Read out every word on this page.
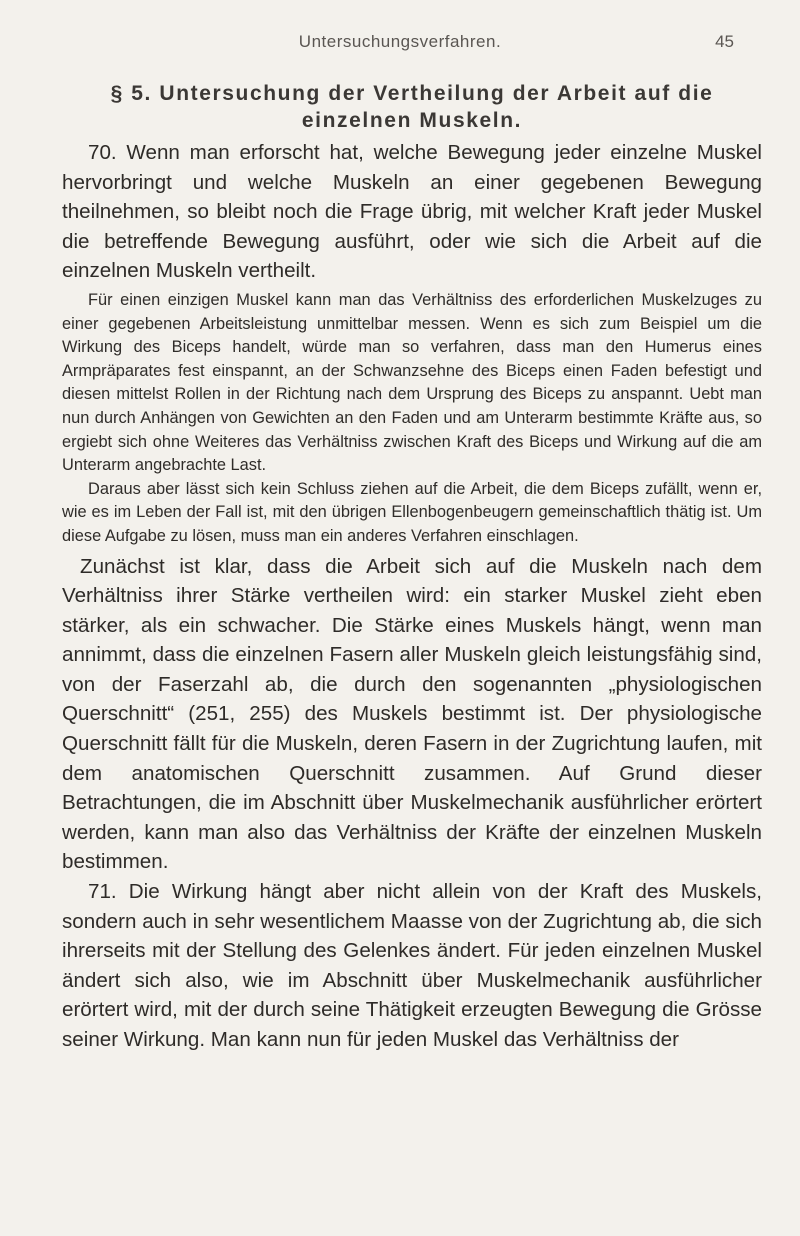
Untersuchungsverfahren.	45
§ 5. Untersuchung der Vertheilung der Arbeit auf die
einzelnen Muskeln.

70. Wenn man erforscht hat, welche Bewegung jeder einzelne Muskel hervorbringt und welche Muskeln an einer gegebenen Bewegung theilnehmen, so bleibt noch die Frage übrig, mit welcher Kraft jeder Muskel die betreffende Bewegung ausführt, oder wie sich die Arbeit auf die einzelnen Muskeln vertheilt.

Für einen einzigen Muskel kann man das Verhältniss des erforderlichen Muskelzuges zu einer gegebenen Arbeitsleistung unmittelbar messen. Wenn es sich zum Beispiel um die Wirkung des Biceps handelt, würde man so verfahren, dass man den Humerus eines Armpräparates fest einspannt, an der Schwanzsehne des Biceps einen Faden befestigt und diesen mittelst Rollen in der Richtung nach dem Ursprung des Biceps zu anspannt. Uebt man nun durch Anhängen von Gewichten an den Faden und am Unterarm bestimmte Kräfte aus, so ergiebt sich ohne Weiteres das Verhältniss zwischen Kraft des Biceps und Wirkung auf die am Unterarm angebrachte Last.

Daraus aber lässt sich kein Schluss ziehen auf die Arbeit, die dem Biceps zufällt, wenn er, wie es im Leben der Fall ist, mit den übrigen Ellenbogenbeugern gemeinschaftlich thätig ist. Um diese Aufgabe zu lösen, muss man ein anderes Verfahren einschlagen.

Zunächst ist klar, dass die Arbeit sich auf die Muskeln nach dem Verhältniss ihrer Stärke vertheilen wird: ein starker Muskel zieht eben stärker, als ein schwacher. Die Stärke eines Muskels hängt, wenn man annimmt, dass die einzelnen Fasern aller Muskeln gleich leistungsfähig sind, von der Faserzahl ab, die durch den sogenannten „physiologischen Querschnitt“ (251, 255) des Muskels bestimmt ist. Der physiologische Querschnitt fällt für die Muskeln, deren Fasern in der Zugrichtung laufen, mit dem anatomischen Querschnitt zusammen. Auf Grund dieser Betrachtungen, die im Abschnitt über Muskelmechanik ausführlicher erörtert werden, kann man also das Verhältniss der Kräfte der einzelnen Muskeln bestimmen.

71. Die Wirkung hängt aber nicht allein von der Kraft des Muskels, sondern auch in sehr wesentlichem Maasse von der Zugrichtung ab, die sich ihrerseits mit der Stellung des Gelenkes ändert. Für jeden einzelnen Muskel ändert sich also, wie im Abschnitt über Muskelmechanik ausführlicher erörtert wird, mit der durch seine Thätigkeit erzeugten Bewegung die Grösse seiner Wirkung. Man kann nun für jeden Muskel das Verhältniss der
